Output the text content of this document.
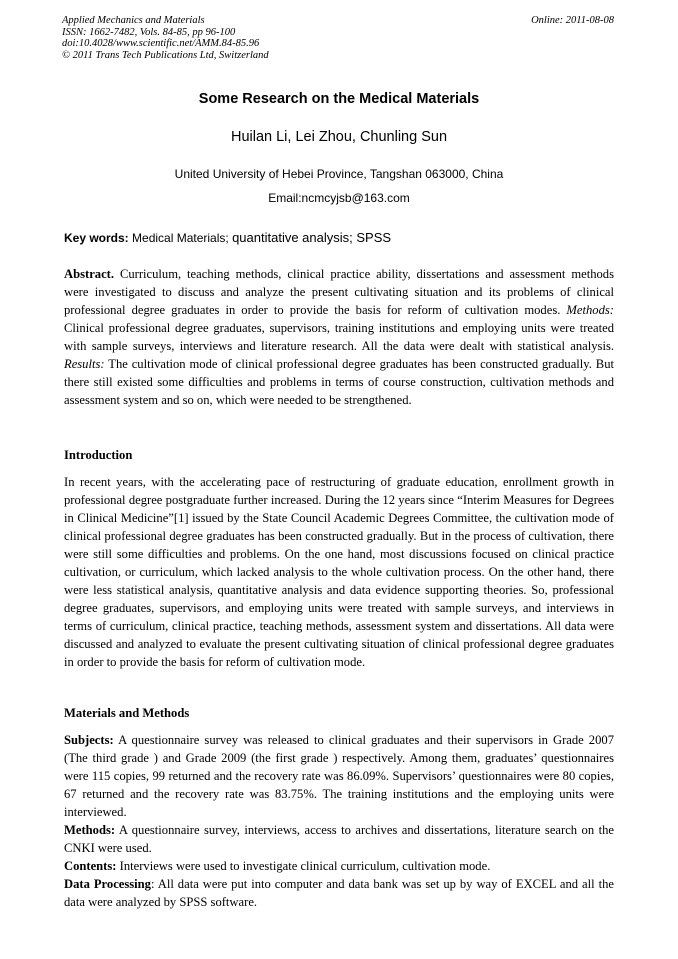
Applied Mechanics and Materials
ISSN: 1662-7482, Vols. 84-85, pp 96-100
doi:10.4028/www.scientific.net/AMM.84-85.96
© 2011 Trans Tech Publications Ltd, Switzerland
Online: 2011-08-08
Some Research on the Medical Materials
Huilan Li, Lei Zhou, Chunling Sun
United University of Hebei Province, Tangshan 063000, China
Email:ncmcyjsb@163.com
Key words: Medical Materials; quantitative analysis; SPSS
Abstract. Curriculum, teaching methods, clinical practice ability, dissertations and assessment methods were investigated to discuss and analyze the present cultivating situation and its problems of clinical professional degree graduates in order to provide the basis for reform of cultivation modes. Methods: Clinical professional degree graduates, supervisors, training institutions and employing units were treated with sample surveys, interviews and literature research. All the data were dealt with statistical analysis. Results: The cultivation mode of clinical professional degree graduates has been constructed gradually. But there still existed some difficulties and problems in terms of course construction, cultivation methods and assessment system and so on, which were needed to be strengthened.
Introduction
In recent years, with the accelerating pace of restructuring of graduate education, enrollment growth in professional degree postgraduate further increased. During the 12 years since “Interim Measures for Degrees in Clinical Medicine”[1] issued by the State Council Academic Degrees Committee, the cultivation mode of clinical professional degree graduates has been constructed gradually. But in the process of cultivation, there were still some difficulties and problems. On the one hand, most discussions focused on clinical practice cultivation, or curriculum, which lacked analysis to the whole cultivation process. On the other hand, there were less statistical analysis, quantitative analysis and data evidence supporting theories. So, professional degree graduates, supervisors, and employing units were treated with sample surveys, and interviews in terms of curriculum, clinical practice, teaching methods, assessment system and dissertations. All data were discussed and analyzed to evaluate the present cultivating situation of clinical professional degree graduates in order to provide the basis for reform of cultivation mode.
Materials and Methods

Subjects: A questionnaire survey was released to clinical graduates and their supervisors in Grade 2007 (The third grade ) and Grade 2009 (the first grade ) respectively. Among them, graduates’ questionnaires were 115 copies, 99 returned and the recovery rate was 86.09%. Supervisors’ questionnaires were 80 copies, 67 returned and the recovery rate was 83.75%. The training institutions and the employing units were interviewed.

Methods: A questionnaire survey, interviews, access to archives and dissertations, literature search on the CNKI were used.

Contents: Interviews were used to investigate clinical curriculum, cultivation mode.

Data Processing: All data were put into computer and data bank was set up by way of EXCEL and all the data were analyzed by SPSS software.
